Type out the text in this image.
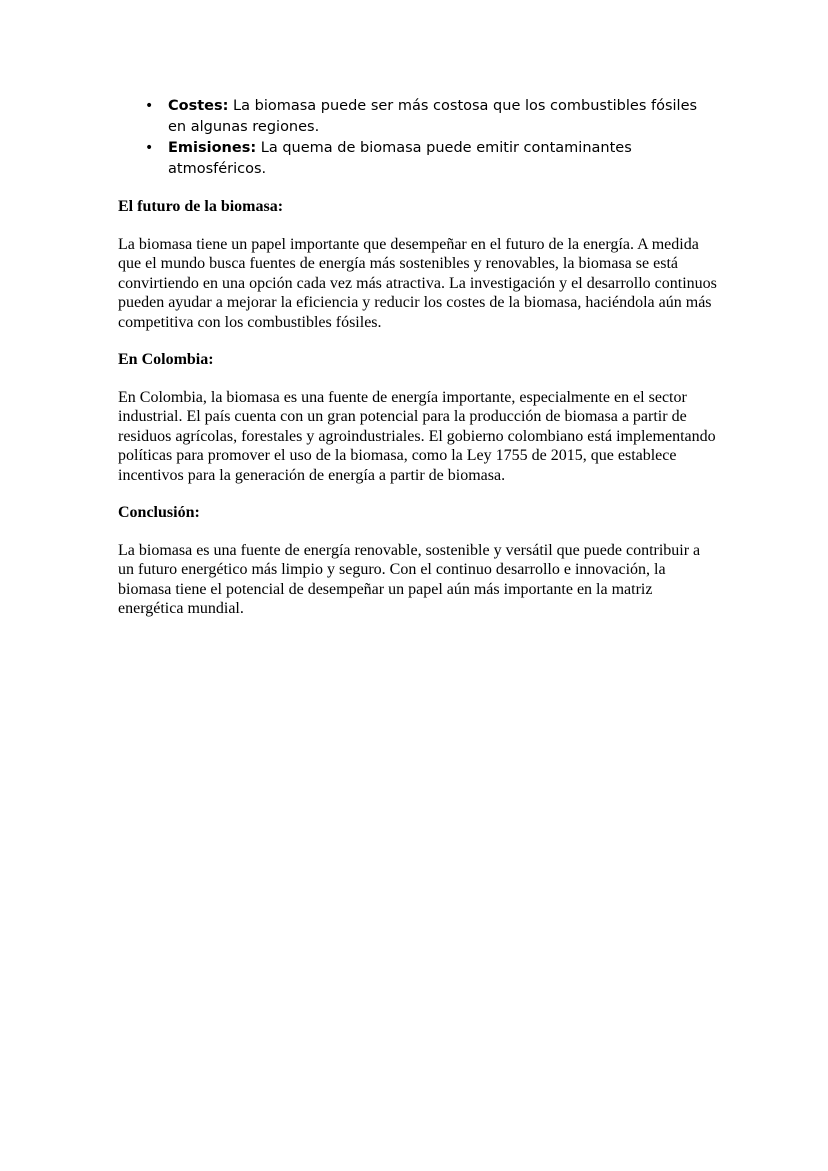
• Costes: La biomasa puede ser más costosa que los combustibles fósiles en algunas regiones.
• Emisiones: La quema de biomasa puede emitir contaminantes atmosféricos.
El futuro de la biomasa:

La biomasa tiene un papel importante que desempeñar en el futuro de la energía. A medida que el mundo busca fuentes de energía más sostenibles y renovables, la biomasa se está convirtiendo en una opción cada vez más atractiva. La investigación y el desarrollo continuos pueden ayudar a mejorar la eficiencia y reducir los costes de la biomasa, haciéndola aún más competitiva con los combustibles fósiles.

En Colombia:

En Colombia, la biomasa es una fuente de energía importante, especialmente en el sector industrial. El país cuenta con un gran potencial para la producción de biomasa a partir de residuos agrícolas, forestales y agroindustriales. El gobierno colombiano está implementando políticas para promover el uso de la biomasa, como la Ley 1755 de 2015, que establece incentivos para la generación de energía a partir de biomasa.

Conclusión:

La biomasa es una fuente de energía renovable, sostenible y versátil que puede contribuir a un futuro energético más limpio y seguro. Con el continuo desarrollo e innovación, la biomasa tiene el potencial de desempeñar un papel aún más importante en la matriz energética mundial.
